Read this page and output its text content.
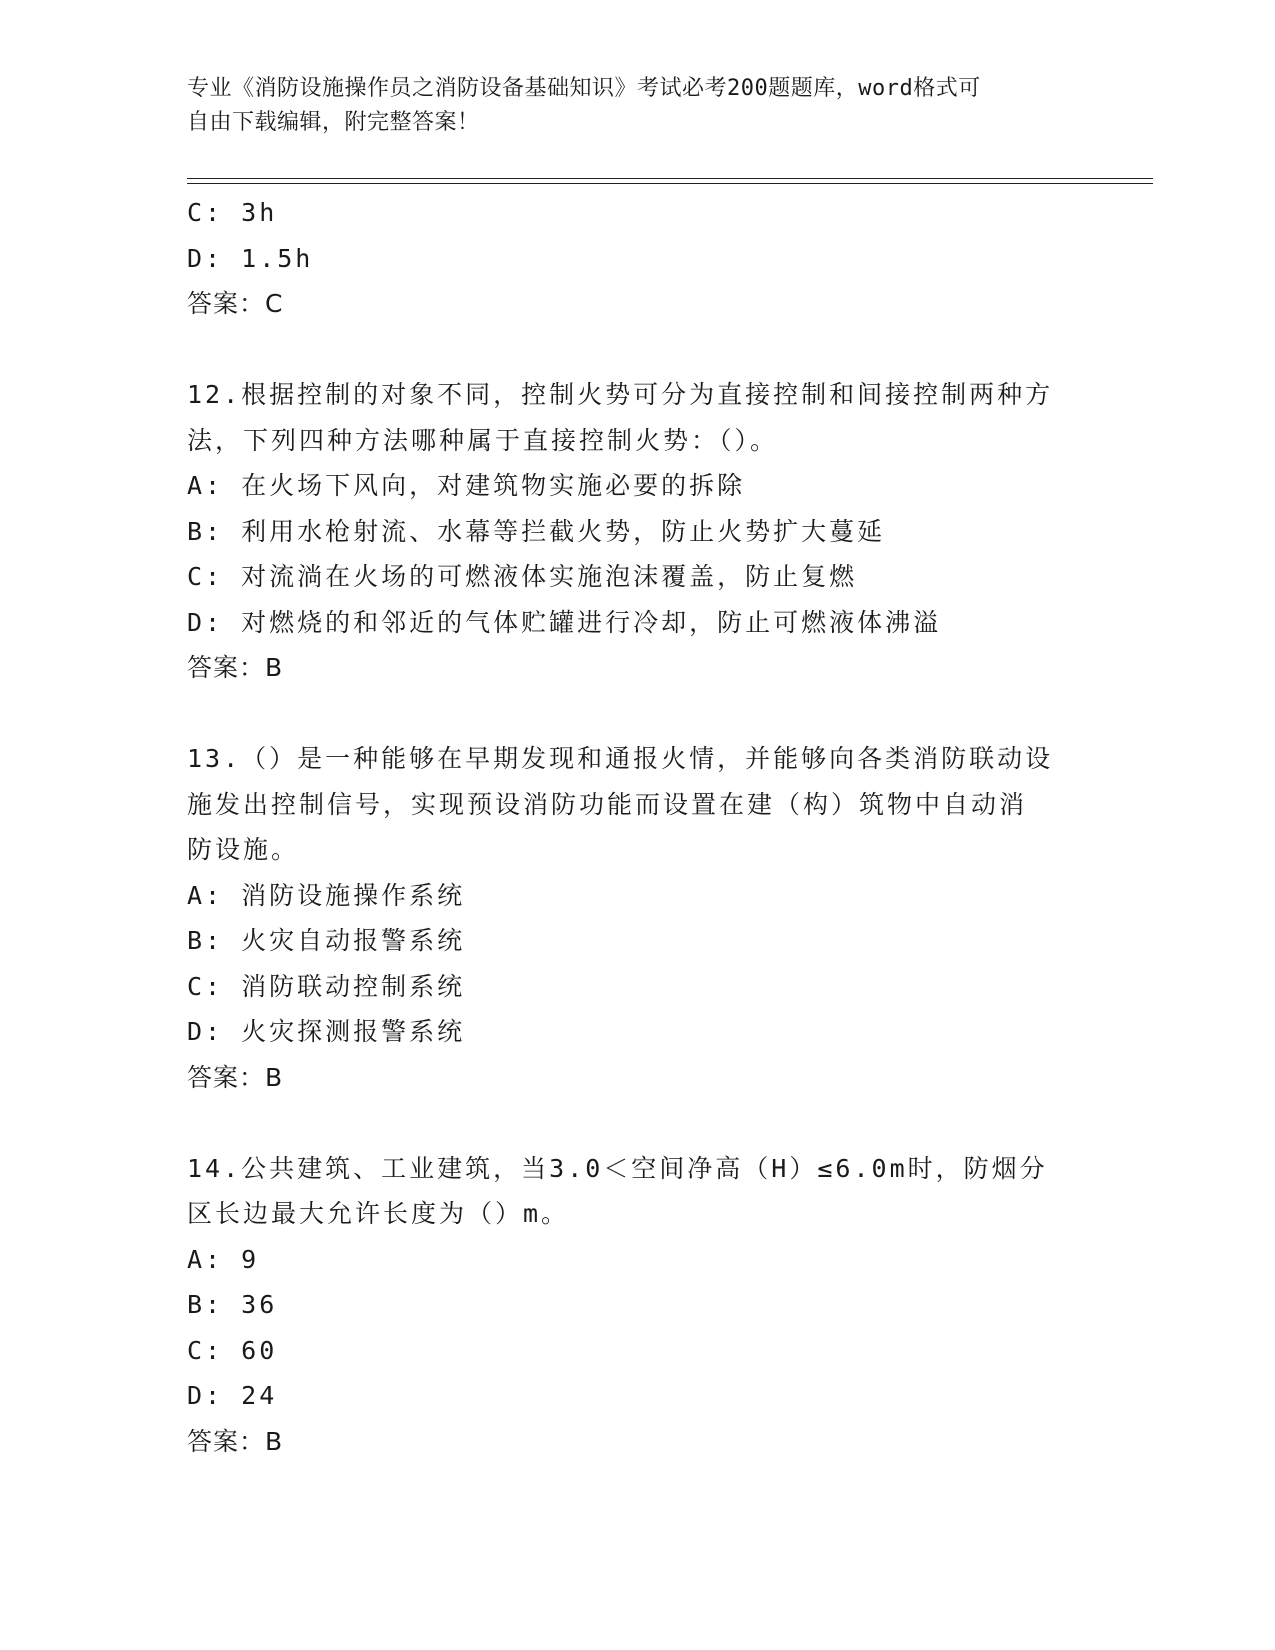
专业《消防设施操作员之消防设备基础知识》考试必考200题题库，word格式可
自由下载编辑，附完整答案！
C: 3h
D: 1.5h
答案：C
12.根据控制的对象不同，控制火势可分为直接控制和间接控制两种方
法，下列四种方法哪种属于直接控制火势：（）。
A: 在火场下风向，对建筑物实施必要的拆除
B: 利用水枪射流、水幕等拦截火势，防止火势扩大蔓延
C: 对流淌在火场的可燃液体实施泡沫覆盖，防止复燃
D: 对燃烧的和邻近的气体贮罐进行冷却，防止可燃液体沸溢
答案：B
13.（）是一种能够在早期发现和通报火情，并能够向各类消防联动设
施发出控制信号，实现预设消防功能而设置在建（构）筑物中自动消
防设施。
A: 消防设施操作系统
B: 火灾自动报警系统
C: 消防联动控制系统
D: 火灾探测报警系统
答案：B
14.公共建筑、工业建筑，当3.0＜空间净高（H）≤6.0m时，防烟分
区长边最大允许长度为（）m。
A: 9
B: 36
C: 60
D: 24
答案：B
